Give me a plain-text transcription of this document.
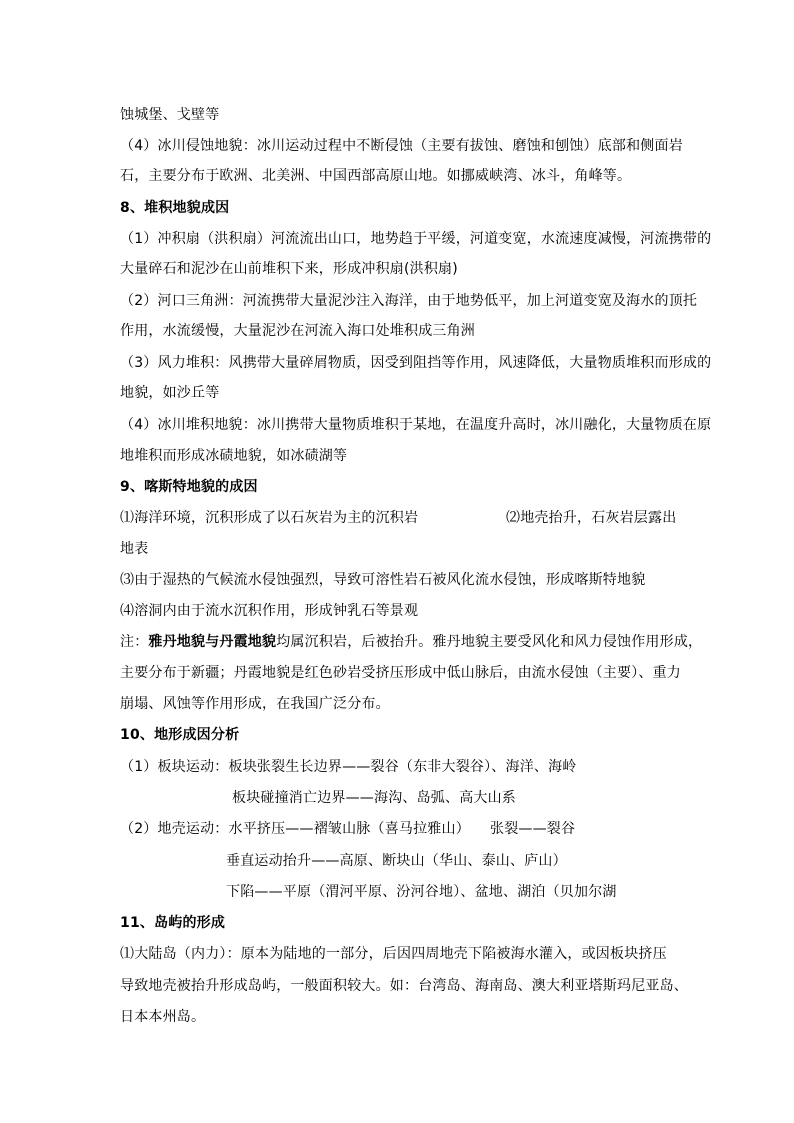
蚀城堡、戈壁等
（4）冰川侵蚀地貌：冰川运动过程中不断侵蚀（主要有拔蚀、磨蚀和刨蚀）底部和侧面岩
石，主要分布于欧洲、北美洲、中国西部高原山地。如挪威峡湾、冰斗，角峰等。
8、堆积地貌成因
（1）冲积扇（洪积扇）河流流出山口，地势趋于平缓，河道变宽，水流速度减慢，河流携带的
大量碎石和泥沙在山前堆积下来，形成冲积扇(洪积扇)
（2）河口三角洲：河流携带大量泥沙注入海洋，由于地势低平，加上河道变宽及海水的顶托
作用，水流缓慢，大量泥沙在河流入海口处堆积成三角洲
（3）风力堆积：风携带大量碎屑物质，因受到阻挡等作用，风速降低，大量物质堆积而形成的
地貌，如沙丘等
（4）冰川堆积地貌：冰川携带大量物质堆积于某地，在温度升高时，冰川融化，大量物质在原
地堆积而形成冰碛地貌，如冰碛湖等
9、喀斯特地貌的成因
⑴海洋环境，沉积形成了以石灰岩为主的沉积岩	⑵地壳抬升，石灰岩层露出
地表
⑶由于湿热的气候流水侵蚀强烈，导致可溶性岩石被风化流水侵蚀，形成喀斯特地貌
⑷溶洞内由于流水沉积作用，形成钟乳石等景观
注：雅丹地貌与丹霞地貌均属沉积岩，后被抬升。雅丹地貌主要受风化和风力侵蚀作用形成，
主要分布于新疆；丹霞地貌是红色砂岩受挤压形成中低山脉后，由流水侵蚀（主要）、重力
崩塌、风蚀等作用形成，在我国广泛分布。
10、地形成因分析
（1）板块运动：板块张裂生长边界——裂谷（东非大裂谷）、海洋、海岭
板块碰撞消亡边界——海沟、岛弧、高大山系
（2）地壳运动：水平挤压——褶皱山脉（喜马拉雅山） 张裂——裂谷
垂直运动抬升——高原、断块山（华山、泰山、庐山）
下陷——平原（渭河平原、汾河谷地）、盆地、湖泊（贝加尔湖
11、岛屿的形成
⑴大陆岛（内力）：原本为陆地的一部分，后因四周地壳下陷被海水灌入，或因板块挤压
导致地壳被抬升形成岛屿，一般面积较大。如：台湾岛、海南岛、澳大利亚塔斯玛尼亚岛、
日本本州岛。
